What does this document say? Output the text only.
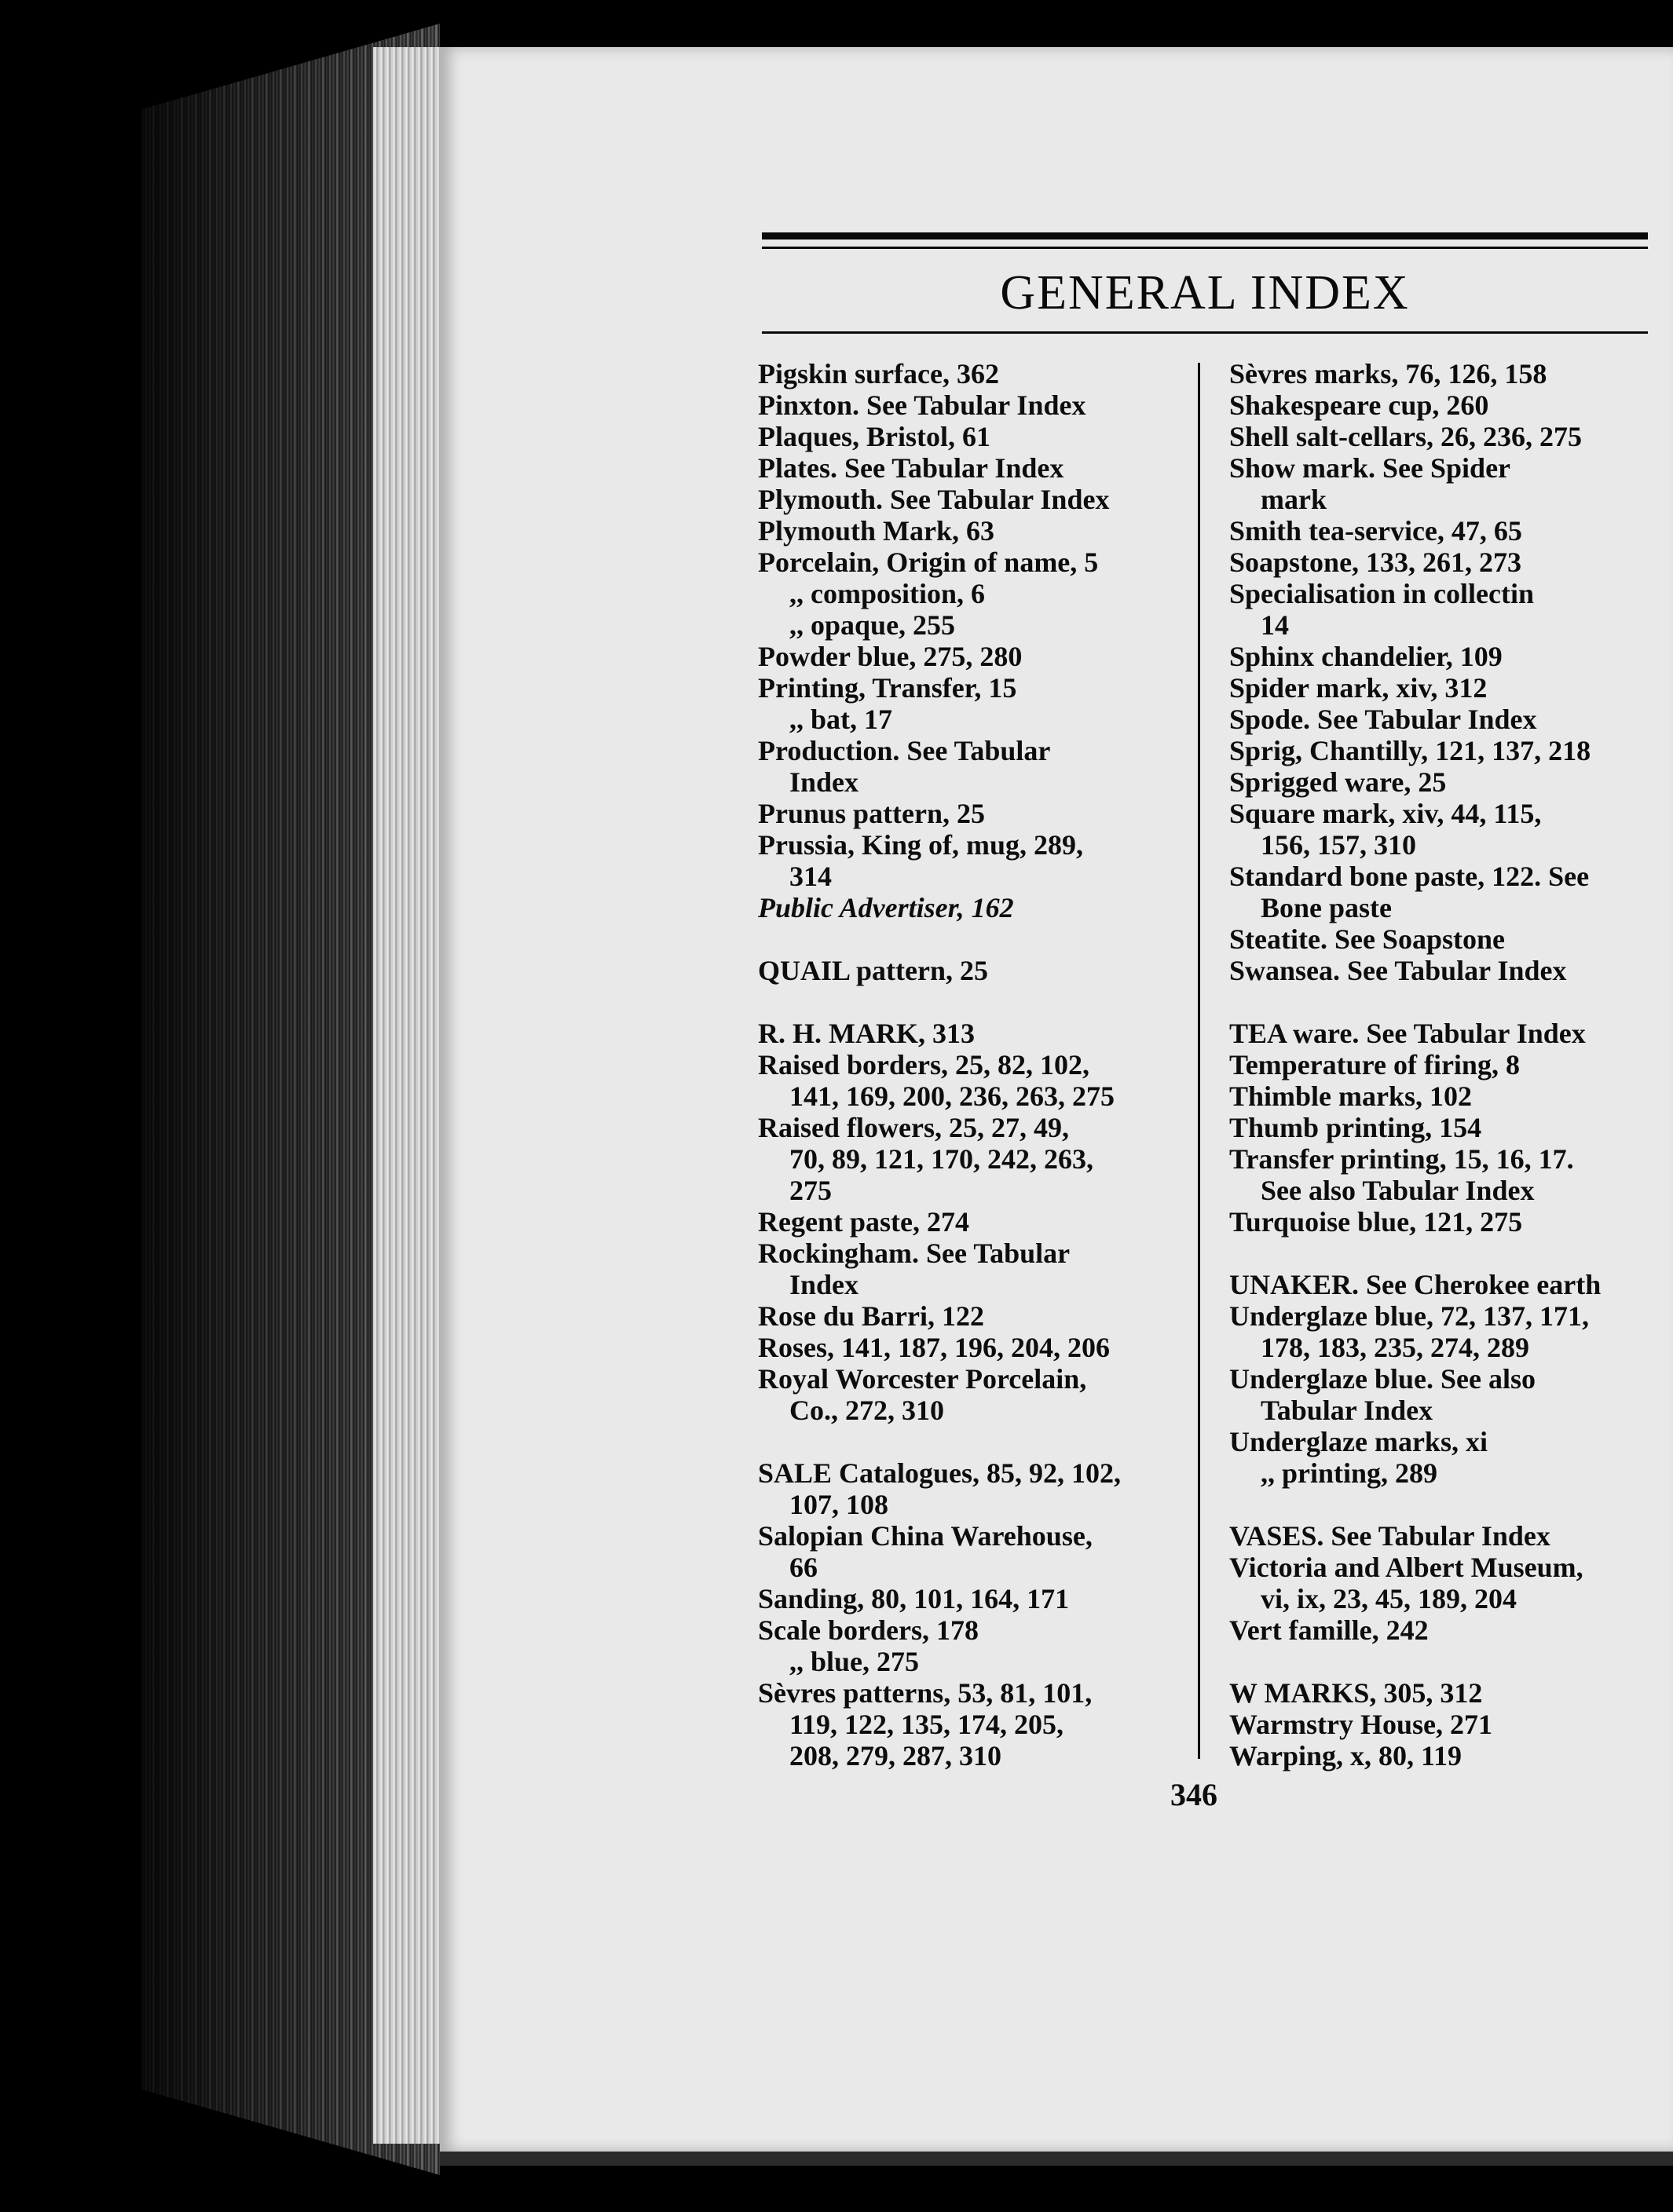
GENERAL INDEX
Pigskin surface, 362
Pinxton. See Tabular Index
Plaques, Bristol, 61
Plates. See Tabular Index
Plymouth. See Tabular Index
Plymouth Mark, 63
Porcelain, Origin of name, 5
,, composition, 6
,, opaque, 255
Powder blue, 275, 280
Printing, Transfer, 15
,, bat, 17
Production. See Tabular
Index
Prunus pattern, 25
Prussia, King of, mug, 289,
314
Public Advertiser, 162
QUAIL pattern, 25
R. H. MARK, 313
Raised borders, 25, 82, 102,
141, 169, 200, 236, 263, 275
Raised flowers, 25, 27, 49,
70, 89, 121, 170, 242, 263,
275
Regent paste, 274
Rockingham. See Tabular
Index
Rose du Barri, 122
Roses, 141, 187, 196, 204, 206
Royal Worcester Porcelain,
Co., 272, 310
SALE Catalogues, 85, 92, 102,
107, 108
Salopian China Warehouse,
66
Sanding, 80, 101, 164, 171
Scale borders, 178
,, blue, 275
Sèvres patterns, 53, 81, 101,
119, 122, 135, 174, 205,
208, 279, 287, 310
Sèvres marks, 76, 126, 158
Shakespeare cup, 260
Shell salt-cellars, 26, 236, 275
Show mark. See Spider
mark
Smith tea-service, 47, 65
Soapstone, 133, 261, 273
Specialisation in collectin
14
Sphinx chandelier, 109
Spider mark, xiv, 312
Spode. See Tabular Index
Sprig, Chantilly, 121, 137, 218
Sprigged ware, 25
Square mark, xiv, 44, 115,
156, 157, 310
Standard bone paste, 122. See
Bone paste
Steatite. See Soapstone
Swansea. See Tabular Index
TEA ware. See Tabular Index
Temperature of firing, 8
Thimble marks, 102
Thumb printing, 154
Transfer printing, 15, 16, 17.
See also Tabular Index
Turquoise blue, 121, 275
UNAKER. See Cherokee earth
Underglaze blue, 72, 137, 171,
178, 183, 235, 274, 289
Underglaze blue. See also
Tabular Index
Underglaze marks, xi
,, printing, 289
VASES. See Tabular Index
Victoria and Albert Museum,
vi, ix, 23, 45, 189, 204
Vert famille, 242
W MARKS, 305, 312
Warmstry House, 271
Warping, x, 80, 119
346
